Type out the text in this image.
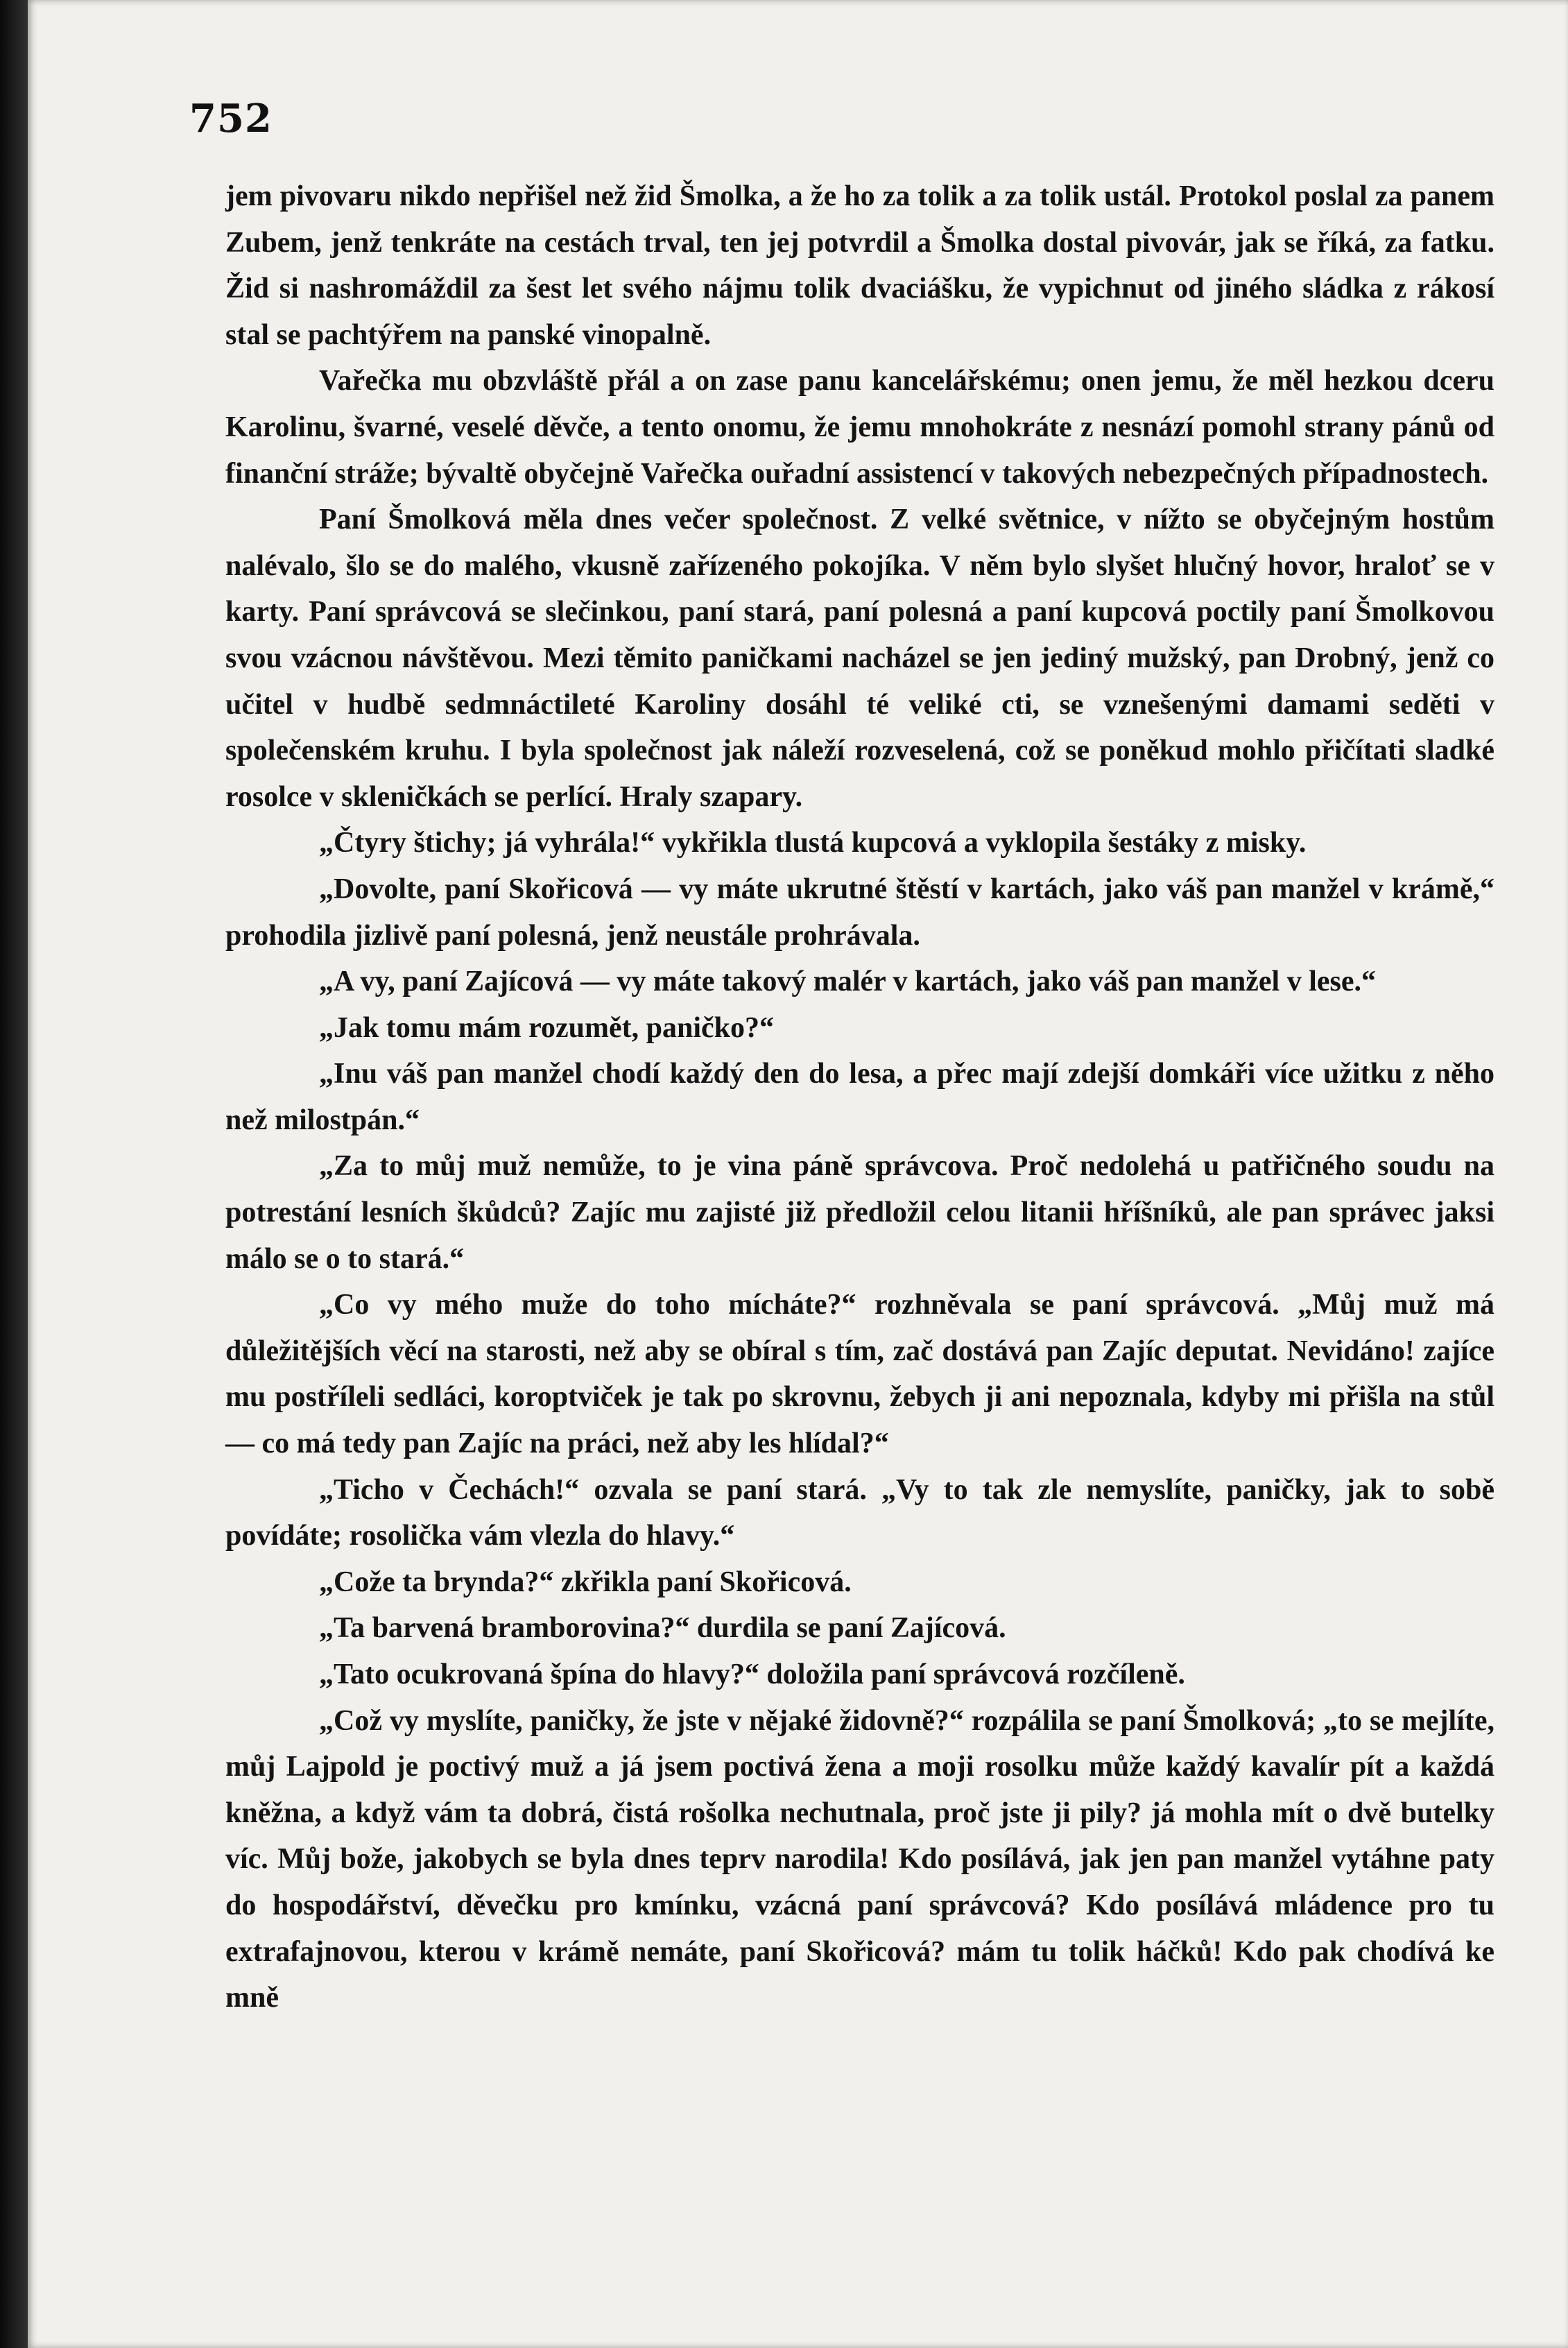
752

jem pivovaru nikdo nepřišel než žid Šmolka, a že ho za tolik a za tolik ustál. Protokol poslal za panem Zubem, jenž tenkráte na cestách trval, ten jej potvrdil a Šmolka dostal pivovár, jak se říká, za fatku. Žid si nashromáždil za šest let svého nájmu tolik dvaciášku, že vypichnut od jiného sládka z rákosí stal se pachtýřem na panské vinopalně.

Vařečka mu obzvláště přál a on zase panu kancelářskému; onen jemu, že měl hezkou dceru Karolinu, švarné, veselé děvče, a tento onomu, že jemu mnohokráte z nesnází pomohl strany pánů od finanční stráže; bývaltě obyčejně Vařečka ouřadní assistencí v takových nebezpečných případnostech.

Paní Šmolková měla dnes večer společnost. Z velké světnice, v nížto se obyčejným hostům nalévalo, šlo se do malého, vkusně zařízeného pokojíka. V něm bylo slyšet hlučný hovor, hraloť se v karty. Paní správcová se slečinkou, paní stará, paní polesná a paní kupcová poctily paní Šmolkovou svou vzácnou návštěvou. Mezi těmito paničkami nacházel se jen jediný mužský, pan Drobný, jenž co učitel v hudbě sedmnáctileté Karoliny dosáhl té veliké cti, se vznešenými damami seděti v společenském kruhu. I byla společnost jak náleží rozveselená, což se poněkud mohlo přičítati sladké rosolce v skleničkách se perlící. Hraly szapary.

„Čtyry štichy; já vyhrála!“ vykřikla tlustá kupcová a vyklopila šestáky z misky.

„Dovolte, paní Skořicová — vy máte ukrutné štěstí v kartách, jako váš pan manžel v krámě,“ prohodila jizlivě paní polesná, jenž neustále prohrávala.

„A vy, paní Zajícová — vy máte takový malér v kartách, jako váš pan manžel v lese.“

„Jak tomu mám rozumět, paničko?“

„Inu váš pan manžel chodí každý den do lesa, a přec mají zdejší domkáři více užitku z něho než milostpán.“

„Za to můj muž nemůže, to je vina páně správcova. Proč nedolehá u patřičného soudu na potrestání lesních škůdců? Zajíc mu zajisté již předložil celou litanii hříšníků, ale pan správec jaksi málo se o to stará.“

„Co vy mého muže do toho mícháte?“ rozhněvala se paní správcová. „Můj muž má důležitějších věcí na starosti, než aby se obíral s tím, zač dostává pan Zajíc deputat. Nevidáno! zajíce mu postříleli sedláci, koroptviček je tak po skrovnu, žebych ji ani nepoznala, kdyby mi přišla na stůl — co má tedy pan Zajíc na práci, než aby les hlídal?“

„Ticho v Čechách!“ ozvala se paní stará. „Vy to tak zle nemyslíte, paničky, jak to sobě povídáte; rosolička vám vlezla do hlavy.“

„Cože ta brynda?“ zkřikla paní Skořicová.

„Ta barvená bramborovina?“ durdila se paní Zajícová.

„Tato ocukrovaná špína do hlavy?“ doložila paní správcová rozčíleně.

„Což vy myslíte, paničky, že jste v nějaké židovně?“ rozpálila se paní Šmolková; „to se mejlíte, můj Lajpold je poctivý muž a já jsem poctivá žena a moji rosolku může každý kavalír pít a každá kněžna, a když vám ta dobrá, čistá rošolka nechutnala, proč jste ji pily? já mohla mít o dvě butelky víc. Můj bože, jakobych se byla dnes teprv narodila! Kdo posílává, jak jen pan manžel vytáhne paty do hospodářství, děvečku pro kmínku, vzácná paní správcová? Kdo posílává mládence pro tu extrafajnovou, kterou v krámě nemáte, paní Skořicová? mám tu tolik háčků! Kdo pak chodívá ke mně
